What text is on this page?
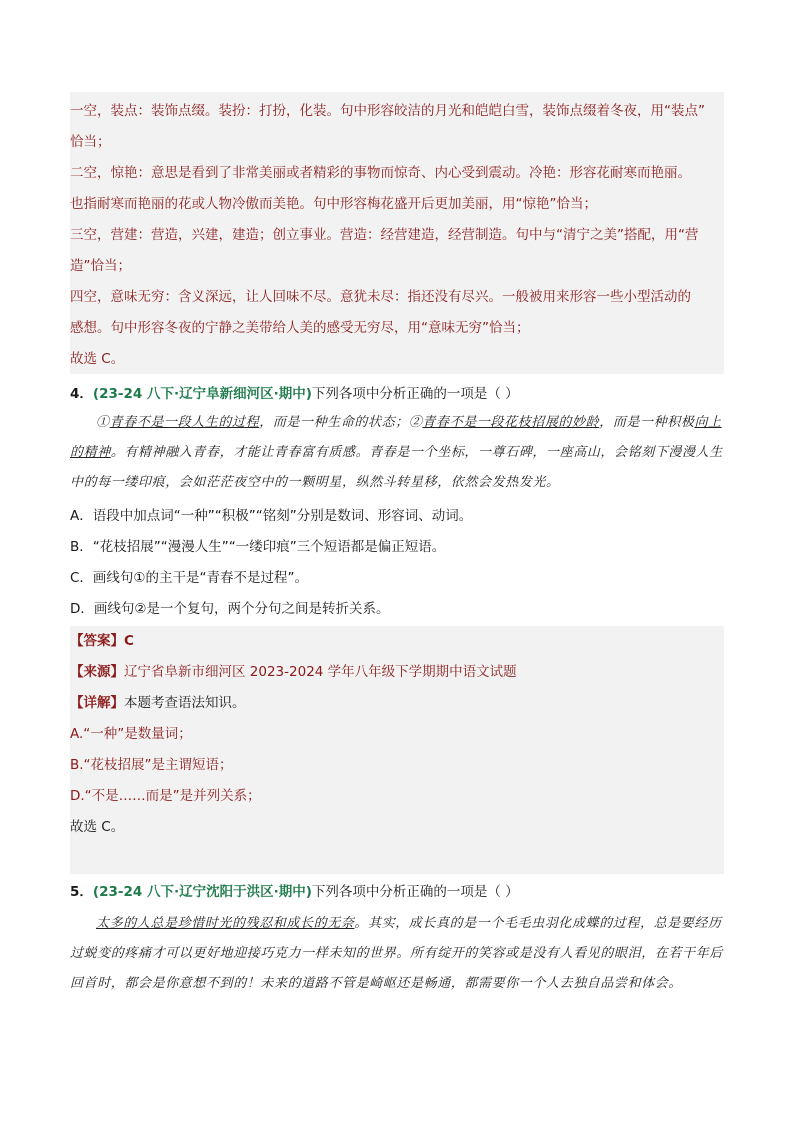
一空，装点：装饰点缀。装扮：打扮，化装。句中形容皎洁的月光和皑皑白雪，装饰点缀着冬夜，用“装点”
恰当；
二空，惊艳：意思是看到了非常美丽或者精彩的事物而惊奇、内心受到震动。冷艳：形容花耐寒而艳丽。
也指耐寒而艳丽的花或人物冷傲而美艳。句中形容梅花盛开后更加美丽，用“惊艳”恰当；
三空，营建：营造，兴建，建造；创立事业。营造：经营建造，经营制造。句中与“清宁之美”搭配，用“营
造”恰当；
四空，意味无穷：含义深远，让人回味不尽。意犹未尽：指还没有尽兴。一般被用来形容一些小型活动的
感想。句中形容冬夜的宁静之美带给人美的感受无穷尽，用“意味无穷”恰当；
故选 C。
4．(23-24 八下·辽宁阜新细河区·期中)下列各项中分析正确的一项是（ ）
①青春不是一段人生的过程，而是一种生命的状态；②青春不是一段花枝招展的妙龄，而是一种积极向上的精神。有精神融入青春，才能让青春富有质感。青春是一个坐标，一尊石碑，一座高山，会铭刻下漫漫人生中的每一缕印痕，会如茫茫夜空中的一颗明星，纵然斗转星移，依然会发热发光。
A．语段中加点词“一种”“积极”“铭刻”分别是数词、形容词、动词。
B．“花枝招展”“漫漫人生”“一缕印痕”三个短语都是偏正短语。
C．画线句①的主干是“青春不是过程”。
D．画线句②是一个复句，两个分句之间是转折关系。
【答案】C
【来源】辽宁省阜新市细河区 2023-2024 学年八年级下学期期中语文试题
【详解】本题考查语法知识。
A.“一种”是数量词；
B.“花枝招展”是主谓短语；
D.“不是……而是”是并列关系；
故选 C。
5．(23-24 八下·辽宁沈阳于洪区·期中)下列各项中分析正确的一项是（ ）
太多的人总是珍惜时光的残忍和成长的无奈。其实，成长真的是一个毛毛虫羽化成蝶的过程，总是要经历过蜕变的疼痛才可以更好地迎接巧克力一样未知的世界。所有绽开的笑容或是没有人看见的眼泪，在若干年后回首时，都会是你意想不到的！未来的道路不管是崎岖还是畅通，都需要你一个人去独自品尝和体会。
